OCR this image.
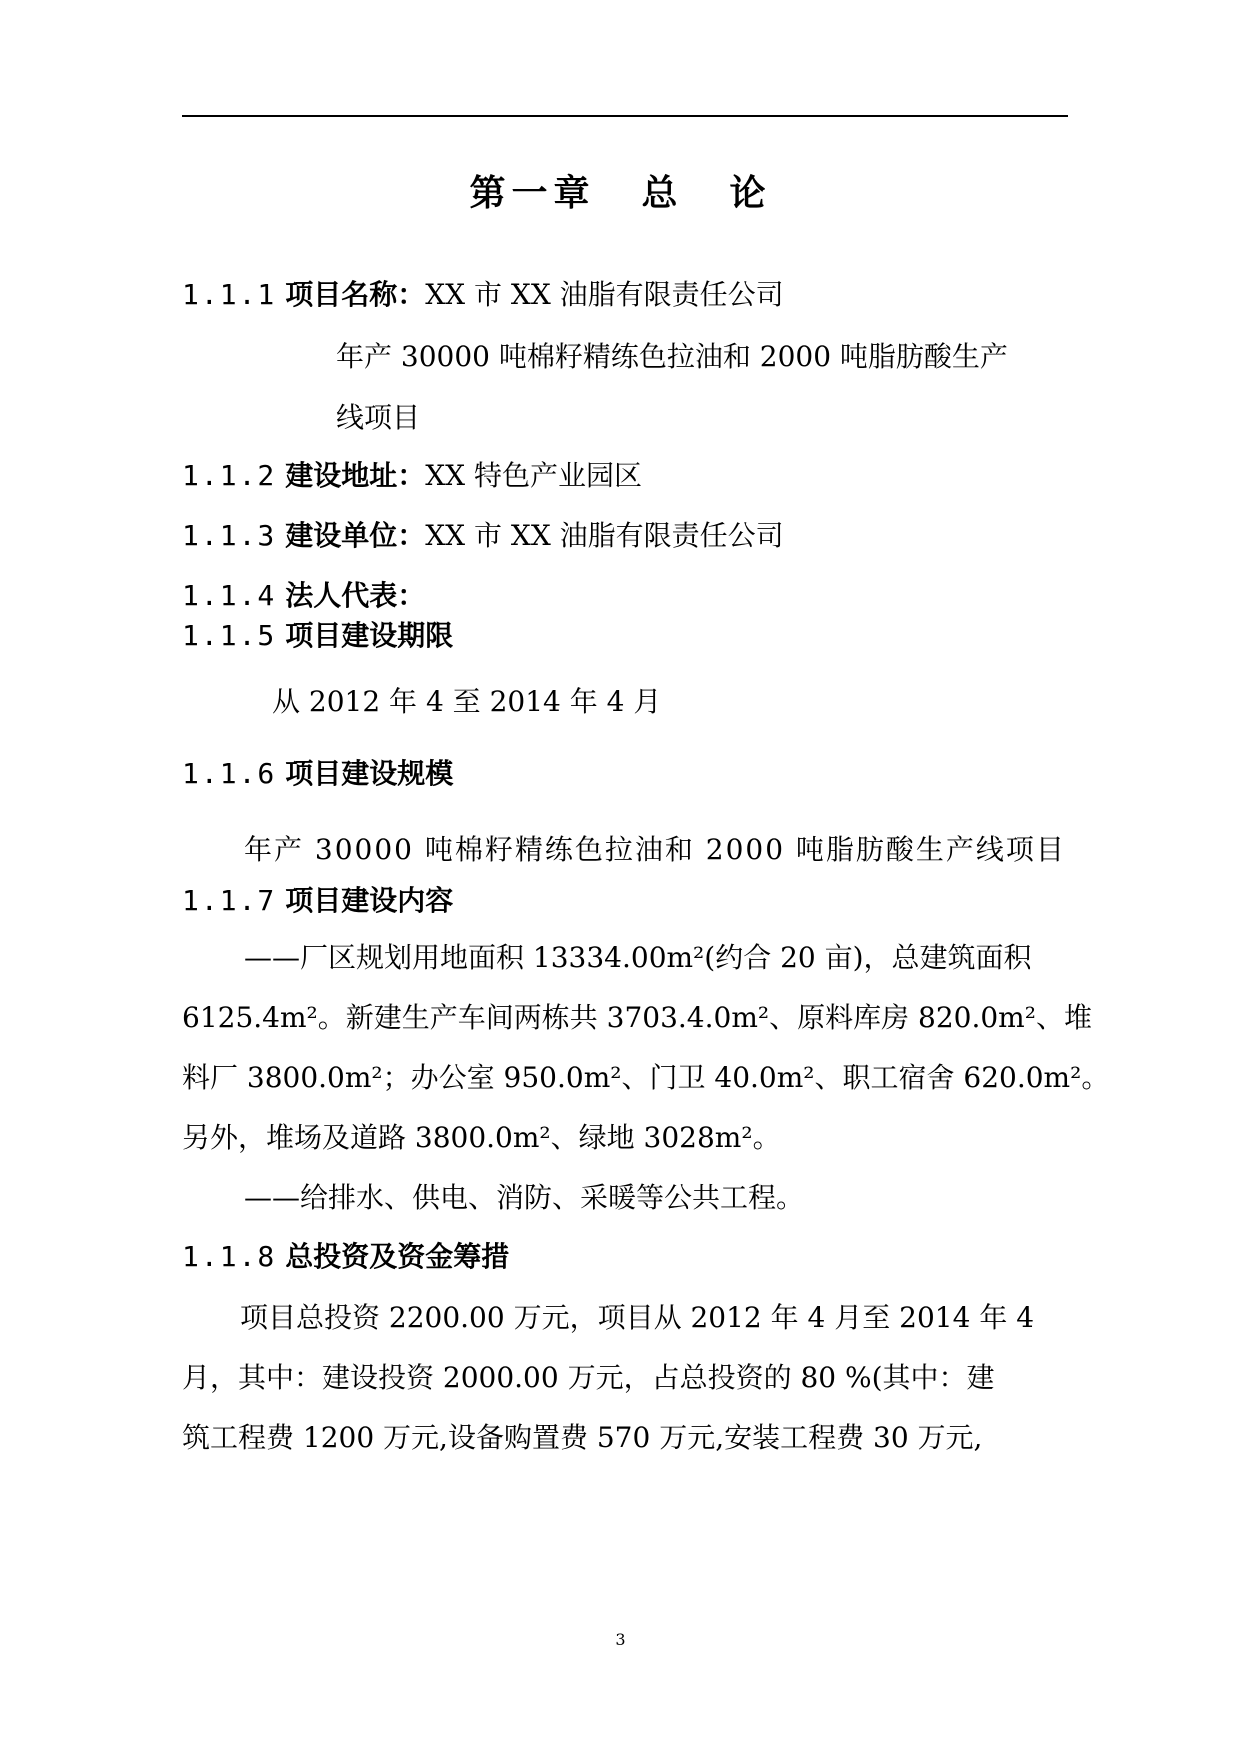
第一章 总 论
1.1.1 项目名称：XX 市 XX 油脂有限责任公司
年产 30000 吨棉籽精练色拉油和 2000 吨脂肪酸生产
线项目
1.1.2 建设地址：XX 特色产业园区
1.1.3 建设单位：XX 市 XX 油脂有限责任公司
1.1.4 法人代表：
1.1.5 项目建设期限
从 2012 年 4 至 2014 年 4 月
1.1.6 项目建设规模
年产 30000 吨棉籽精练色拉油和 2000 吨脂肪酸生产线项目
1.1.7 项目建设内容
——厂区规划用地面积 13334.00m²(约合 20 亩)，总建筑面积
6125.4m²。新建生产车间两栋共 3703.4.0m²、原料库房 820.0m²、堆
料厂 3800.0m²；办公室 950.0m²、门卫 40.0m²、职工宿舍 620.0m²。
另外，堆场及道路 3800.0m²、绿地 3028m²。
——给排水、供电、消防、采暖等公共工程。
1.1.8 总投资及资金筹措
项目总投资 2200.00 万元，项目从 2012 年 4 月至 2014 年 4
月，其中：建设投资 2000.00 万元，占总投资的 80 %(其中：建
筑工程费 1200 万元,设备购置费 570 万元,安装工程费 30 万元,
3
